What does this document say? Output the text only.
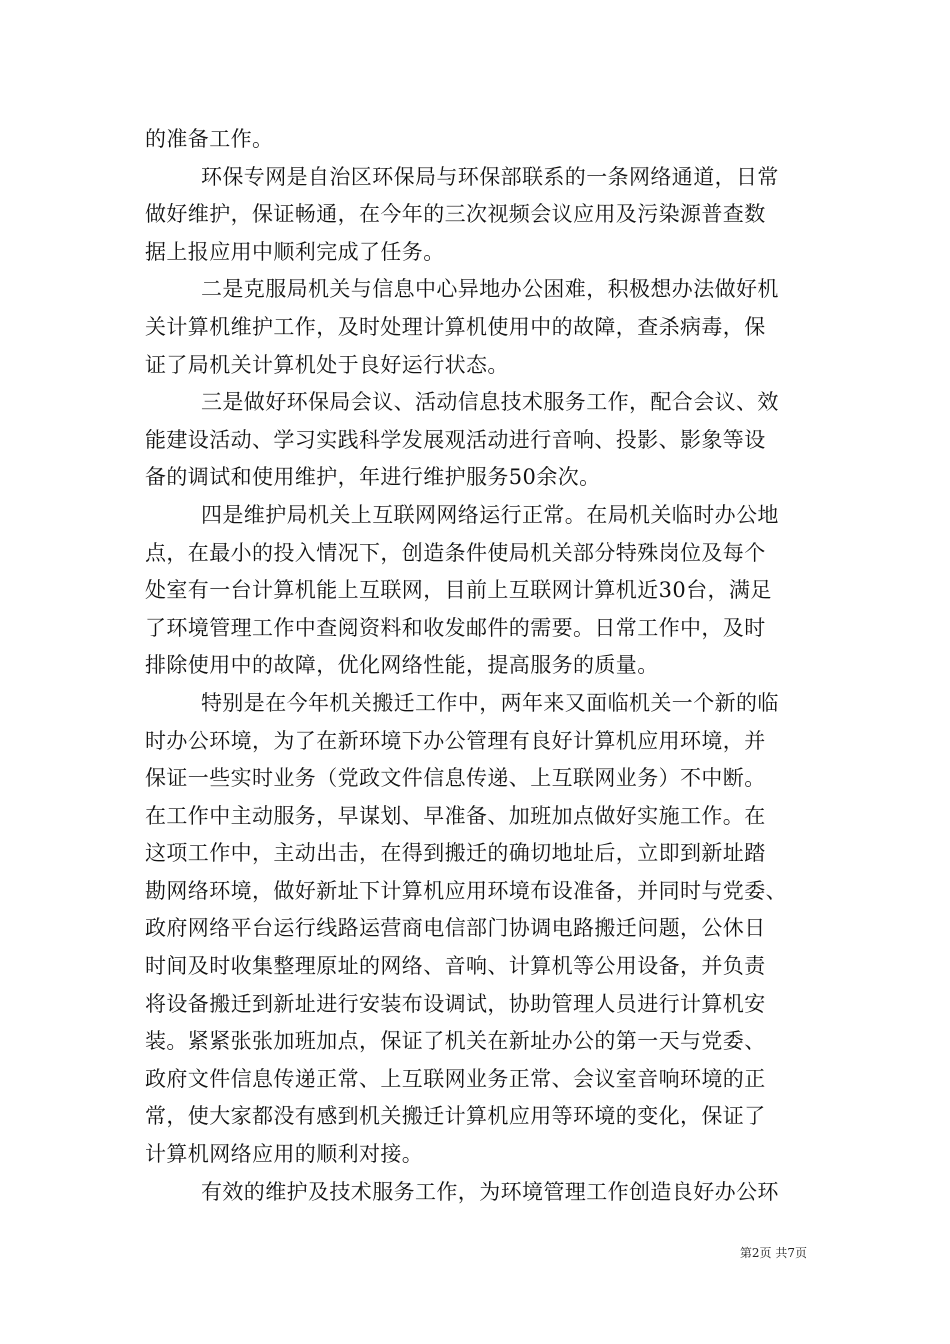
的准备工作。
环保专网是自治区环保局与环保部联系的一条网络通道，日常
做好维护，保证畅通，在今年的三次视频会议应用及污染源普查数
据上报应用中顺利完成了任务。
二是克服局机关与信息中心异地办公困难，积极想办法做好机
关计算机维护工作，及时处理计算机使用中的故障，查杀病毒，保
证了局机关计算机处于良好运行状态。
三是做好环保局会议、活动信息技术服务工作，配合会议、效
能建设活动、学习实践科学发展观活动进行音响、投影、影象等设
备的调试和使用维护，年进行维护服务50余次。
四是维护局机关上互联网网络运行正常。在局机关临时办公地
点，在最小的投入情况下，创造条件使局机关部分特殊岗位及每个
处室有一台计算机能上互联网，目前上互联网计算机近30台，满足
了环境管理工作中查阅资料和收发邮件的需要。日常工作中，及时
排除使用中的故障，优化网络性能，提高服务的质量。
特别是在今年机关搬迁工作中，两年来又面临机关一个新的临
时办公环境，为了在新环境下办公管理有良好计算机应用环境，并
保证一些实时业务（党政文件信息传递、上互联网业务）不中断。
在工作中主动服务，早谋划、早准备、加班加点做好实施工作。在
这项工作中，主动出击，在得到搬迁的确切地址后，立即到新址踏
勘网络环境，做好新址下计算机应用环境布设准备，并同时与党委、
政府网络平台运行线路运营商电信部门协调电路搬迁问题，公休日
时间及时收集整理原址的网络、音响、计算机等公用设备，并负责
将设备搬迁到新址进行安装布设调试，协助管理人员进行计算机安
装。紧紧张张加班加点，保证了机关在新址办公的第一天与党委、
政府文件信息传递正常、上互联网业务正常、会议室音响环境的正
常，使大家都没有感到机关搬迁计算机应用等环境的变化，保证了
计算机网络应用的顺利对接。
有效的维护及技术服务工作，为环境管理工作创造良好办公环
第2页 共7页
